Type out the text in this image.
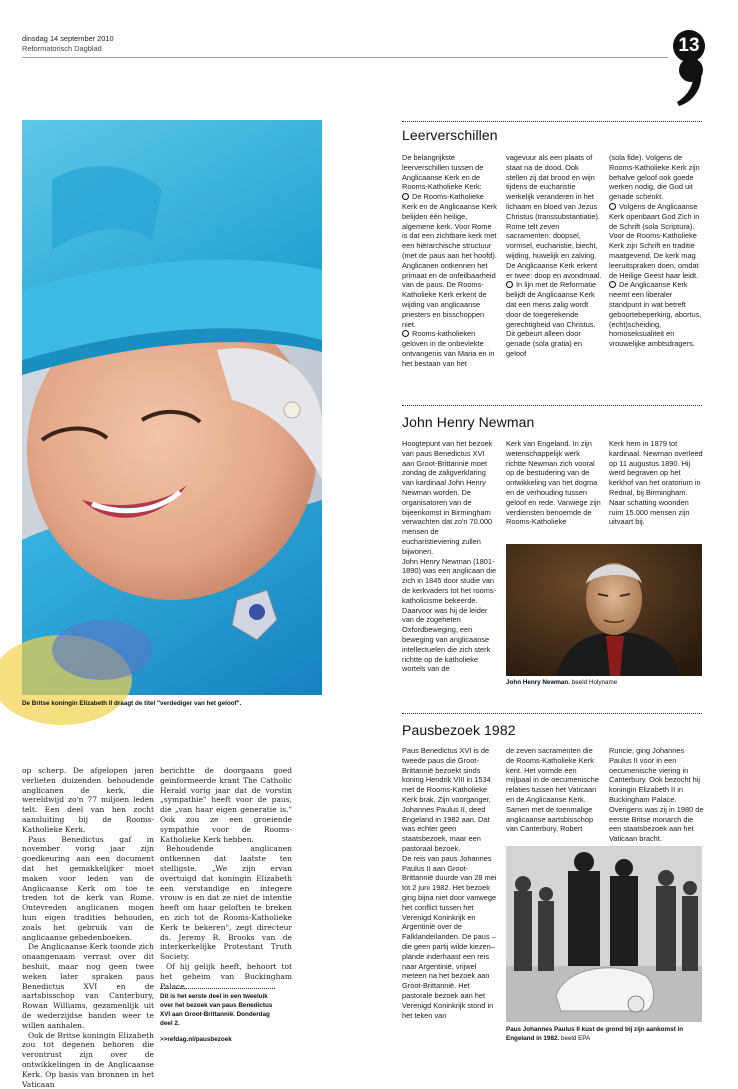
dinsdag 14 september 2010
Reformatorisch Dagblad	13
De Britse koningin Elizabeth II draagt de titel "verdediger van het geloof".

op scherp. De afgelopen jaren verlieten duizenden behoudende anglicanen de kerk, die wereldwijd zo'n 77 miljoen leden telt. Een deel van hen zocht aansluiting bij de Rooms-Katholieke Kerk.

Paus Benedictus gaf in november vorig jaar zijn goedkeuring aan een document dat het gemakkelijker moet maken voor leden van de Anglicaanse Kerk om toe te treden tot de kerk van Rome. Ontevreden anglicanen mogen hun eigen tradities behouden, zoals het gebruik van de anglicaanse gebedenboeken.

De Anglicaanse Kerk toonde zich onaangenaam verrast over dit besluit, maar nog geen twee weken later spraken paus Benedictus XVI en de aartsbisschop van Canterbury, Rowan Williams, gezamenlijk uit de wederzijdse banden weer te willen aanhalen.

Ook de Britse koningin Elizabeth zou tot degenen behoren die verontrust zijn over de ontwikkelingen in de Anglicaanse Kerk. Op basis van bronnen in het Vaticaan

berichtte de doorgaans goed geïnformeerde krant The Catholic Herald vorig jaar dat de vorstin „sympathie" heeft voor de paus, die „van haar eigen generatie is." Ook zou ze een groeiende sympathie voor de Rooms-Katholieke Kerk hebben.

Behoudende anglicanen ontkennen dat laatste ten stelligste. „We zijn ervan overtuigd dat koningin Elizabeth een verstandige en integere vrouw is en dat ze niet de intentie heeft om haar geloften te breken en zich tot de Rooms-Katholieke Kerk te bekeren", zegt directeur ds. Jeremy R. Brooks van de interkerkelijke Protestant Truth Society.

Of hij gelijk heeft, behoort tot het geheim van Buckingham Palace.

Dit is het eerste deel in een tweeluik over het bezoek van paus Benedictus XVI aan Groot-Brittannië. Donderdag deel 2.
>>refdag.nl/pausbezoek
Leerverschillen
De belangrijkste leerverschillen tussen de Anglicaanse Kerk en de Rooms-Katholieke Kerk:
De Rooms-Katholieke Kerk en de Anglicaanse Kerk belijden één heilige, algemene kerk. Voor Rome is dat een zichtbare kerk met een hiërarchische structuur (met de paus aan het hoofd). Anglicanen ontkennen het primaat en de onfeilbaarheid van de paus. De Rooms-Katholieke Kerk erkent de wijding van anglicaanse priesters en bisschoppen niet.
Rooms-katholieken geloven in de onbevlekte ontvangenis van Maria en in het bestaan van het
vagevuur als een plaats of staat na de dood. Ook stellen zij dat brood en wijn tijdens de eucharistie werkelijk veranderen in het lichaam en bloed van Jezus Christus (transsubstantiatie). Rome telt zeven sacramenten: doopsel, vormsel, eucharistie, biecht, wijding, huwelijk en zalving. De Anglicaanse Kerk erkent er twee: doop en avondmaal.
In lijn met de Reformatie belijdt de Anglicaanse Kerk dat een mens zalig wordt door de toegerekende gerechtigheid van Christus. Dit gebeurt alleen door genade (sola gratia) en geloof
(sola fide). Volgens de Rooms-Katholieke Kerk zijn behalve geloof ook goede werken nodig, die God uit genade schenkt.
Volgens de Anglicaanse Kerk openbaart God Zich in de Schrift (sola Scriptura). Voor de Rooms-Katholieke Kerk zijn Schrift en traditie maatgevend. De kerk mag leeruitspraken doen, omdat de Heilige Geest haar leidt.
De Anglicaanse Kerk neemt een liberaler standpunt in wat betreft geboortebeperking, abortus, (echt)scheiding, homoseksualiteit en vrouwelijke ambtsdragers.
John Henry Newman
Hoogtepunt van het bezoek van paus Benedictus XVI aan Groot-Brittannië moet zondag de zaligverklaring van kardinaal John Henry Newman worden. De organisatoren van de bijeenkomst in Birmingham verwachten dat zo'n 70.000 mensen de eucharistieviering zullen bijwonen.
John Henry Newman (1801-1890) was een anglicaan die zich in 1845 door studie van de kerkvaders tot het rooms-katholicisme bekeerde. Daarvoor was hij de leider van de zogeheten Oxfordbeweging, een beweging van anglicaanse intellectuelen die zich sterk richtte op de katholieke wortels van de
Kerk van Engeland. In zijn wetenschappelijk werk richtte Newman zich vooral op de bestudering van de ontwikkeling van het dogma en de verhouding tussen geloof en rede. Vanwege zijn verdiensten benoemde de Rooms-Katholieke
Kerk hem in 1879 tot kardinaal. Newman overleed op 11 augustus 1890. Hij werd begraven op het kerkhof van het oratorium in Rednal, bij Birmingham. Naar schatting woonden ruim 15.000 mensen zijn uitvaart bij.
John Henry Newman. beeld Holyname
Pausbezoek 1982
Paus Benedictus XVI is de tweede paus die Groot-Brittannië bezoekt sinds koning Hendrik VIII in 1534 met de Rooms-Katholieke Kerk brak. Zijn voorganger, Johannes Paulus II, deed Engeland in 1982 aan. Dat was echter geen staatsbezoek, maar een pastoraal bezoek.
De reis van paus Johannes Paulus II aan Groot-Brittannië duurde van 28 mei tot 2 juni 1982. Het bezoek ging bijna niet door vanwege het conflict tussen het Verenigd Koninkrijk en Argentinië over de Falklandeilanden. De paus –die geen partij wilde kiezen– plande inderhaast een reis naar Argentinië, vrijwel meteen na het bezoek aan Groot-Brittannië. Het pastorale bezoek aan het Verenigd Koninkrijk stond in het teken van
de zeven sacramenten die de Rooms-Katholieke Kerk kent. Het vormde een mijlpaal in de oecumenische relaties tussen het Vaticaan en de Anglicaanse Kerk. Samen met de toenmalige anglicaanse aartsbisschop van Canterbury, Robert
Runcie, ging Johannes Paulus II voor in een oecumenische viering in Canterbury. Ook bezocht hij koningin Elizabeth II in Buckingham Palace. Overigens was zij in 1980 de eerste Britse monarch die een staatsbezoek aan het Vaticaan bracht.
Paus Johannes Paulus II kust de grond bij zijn aankomst in Engeland in 1982. beeld EPA
